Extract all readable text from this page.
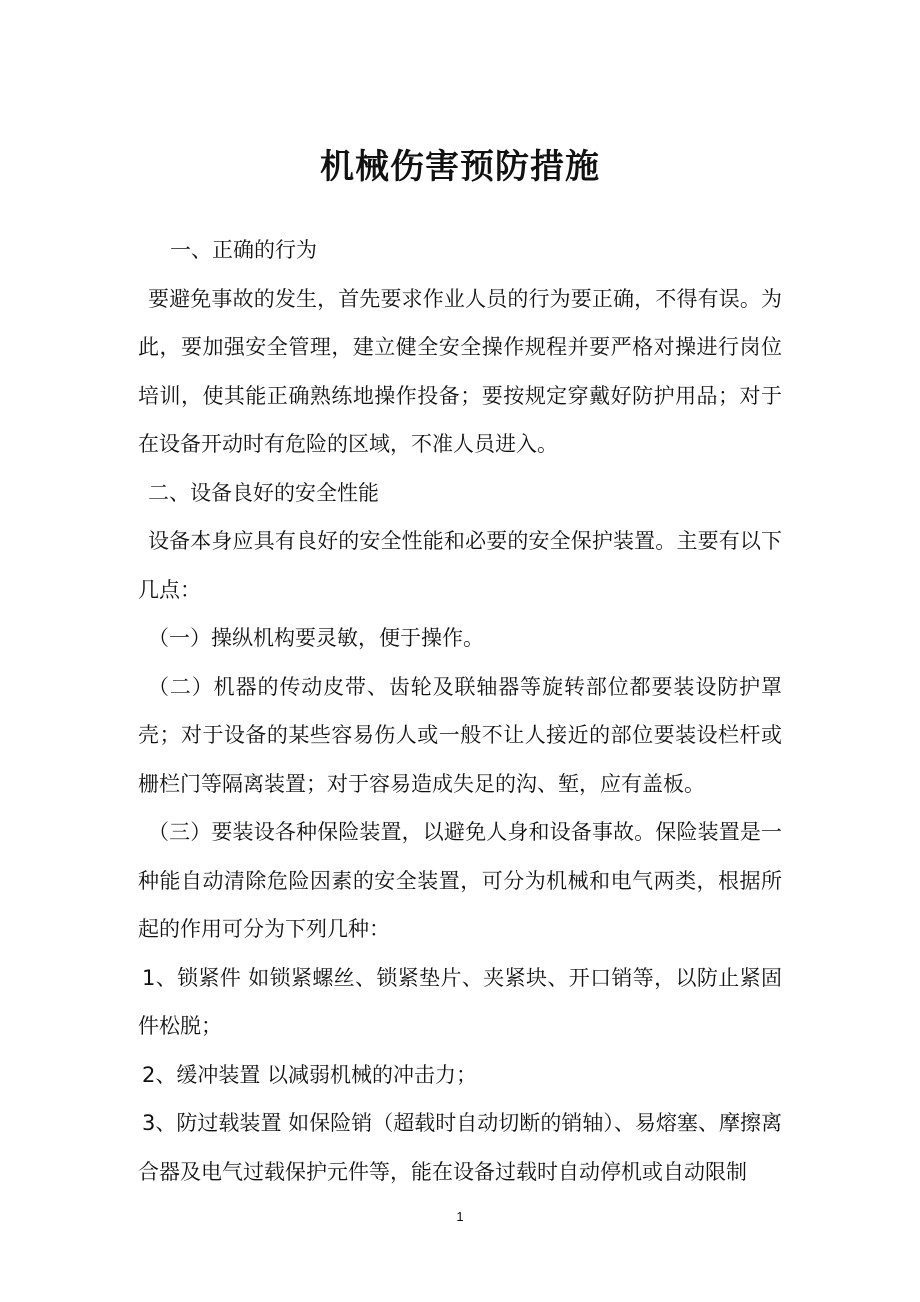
机械伤害预防措施

一、正确的行为

要避免事故的发生，首先要求作业人员的行为要正确，不得有误。为此，要加强安全管理，建立健全安全操作规程并要严格对操进行岗位培训，使其能正确熟练地操作投备；要按规定穿戴好防护用品；对于在设备开动时有危险的区域，不准人员进入。

二、设备良好的安全性能

设备本身应具有良好的安全性能和必要的安全保护装置。主要有以下几点：

（一）操纵机构要灵敏，便于操作。

（二）机器的传动皮带、齿轮及联轴器等旋转部位都要装设防护罩壳；对于设备的某些容易伤人或一般不让人接近的部位要装设栏杆或栅栏门等隔离装置；对于容易造成失足的沟、堑，应有盖板。

（三）要装设各种保险装置，以避免人身和设备事故。保险装置是一种能自动清除危险因素的安全装置，可分为机械和电气两类，根据所起的作用可分为下列几种：

1、锁紧件 如锁紧螺丝、锁紧垫片、夹紧块、开口销等，以防止紧固件松脱；

2、缓冲装置 以减弱机械的冲击力；

3、防过载装置 如保险销（超载时自动切断的销轴）、易熔塞、摩擦离合器及电气过载保护元件等，能在设备过载时自动停机或自动限制

1
